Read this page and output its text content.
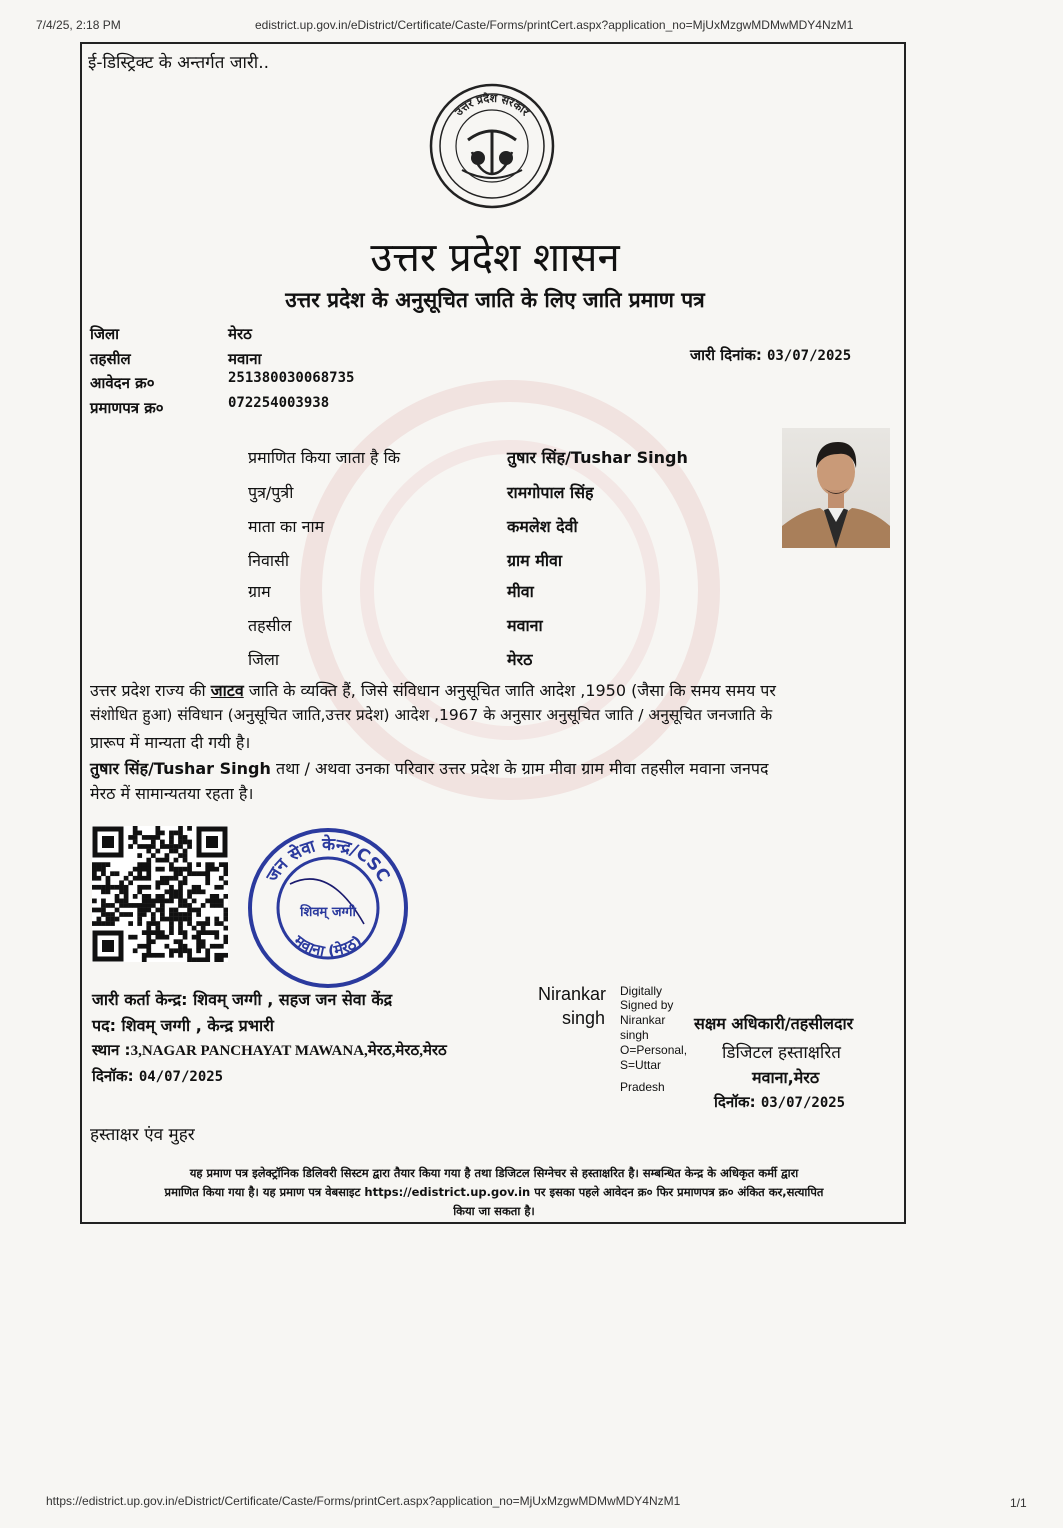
7/4/25, 2:18 PM	edistrict.up.gov.in/eDistrict/Certificate/Caste/Forms/printCert.aspx?application_no=MjUxMzgwMDMwMDY4NzM1
ई-डिस्ट्रिक्ट के अन्तर्गत जारी..
उत्तर प्रदेश सरकार
उत्तर प्रदेश शासन
उत्तर प्रदेश के अनुसूचित जाति के लिए जाति प्रमाण पत्र
जिला	मेरठ
तहसील	मवाना
आवेदन क्र०	251380030068735
प्रमाणपत्र क्र०	072254003938
जारी दिनांक: 03/07/2025
प्रमाणित किया जाता है कि	तुषार सिंह/Tushar Singh
पुत्र/पुत्री	रामगोपाल सिंह
माता का नाम	कमलेश देवी
निवासी	ग्राम मीवा
ग्राम	मीवा
तहसील	मवाना
जिला	मेरठ
उत्तर प्रदेश राज्य की जाटव जाति के व्यक्ति हैं, जिसे संविधान अनुसूचित जाति आदेश ,1950 (जैसा कि समय समय पर
संशोधित हुआ) संविधान (अनुसूचित जाति,उत्तर प्रदेश) आदेश ,1967 के अनुसार अनुसूचित जाति / अनुसूचित जनजाति के
प्रारूप में मान्यता दी गयी है।
तुषार सिंह/Tushar Singh तथा / अथवा उनका परिवार उत्तर प्रदेश के ग्राम मीवा ग्राम मीवा तहसील मवाना जनपद
मेरठ में सामान्यतया रहता है।
जन सेवा केन्द्र/CSC
शिवम् जग्गी
मवाना (मेरठ)
जारी कर्ता केन्द्र: शिवम् जग्गी , सहज जन सेवा केंद्र
पद: शिवम् जग्गी , केन्द्र प्रभारी
स्थान :3,NAGAR PANCHAYAT MAWANA,मेरठ,मेरठ,मेरठ
दिनॉक: 04/07/2025
Nirankar
singh
Digitally
Signed by
Nirankar
singh
O=Personal,
S=Uttar
Pradesh
सक्षम अधिकारी/तहसीलदार
डिजिटल हस्ताक्षरित
मवाना,मेरठ
दिनॉक: 03/07/2025
हस्ताक्षर एंव मुहर
यह प्रमाण पत्र इलेक्ट्रॉनिक डिलिवरी सिस्टम द्वारा तैयार किया गया है तथा डिजिटल सिग्नेचर से हस्ताक्षरित है। सम्बन्धित केन्द्र के अधिकृत कर्मी द्वारा
प्रमाणित किया गया है। यह प्रमाण पत्र वेबसाइट https://edistrict.up.gov.in पर इसका पहले आवेदन क्र० फिर प्रमाणपत्र क्र० अंकित कर,सत्यापित
किया जा सकता है।
https://edistrict.up.gov.in/eDistrict/Certificate/Caste/Forms/printCert.aspx?application_no=MjUxMzgwMDMwMDY4NzM1	1/1
